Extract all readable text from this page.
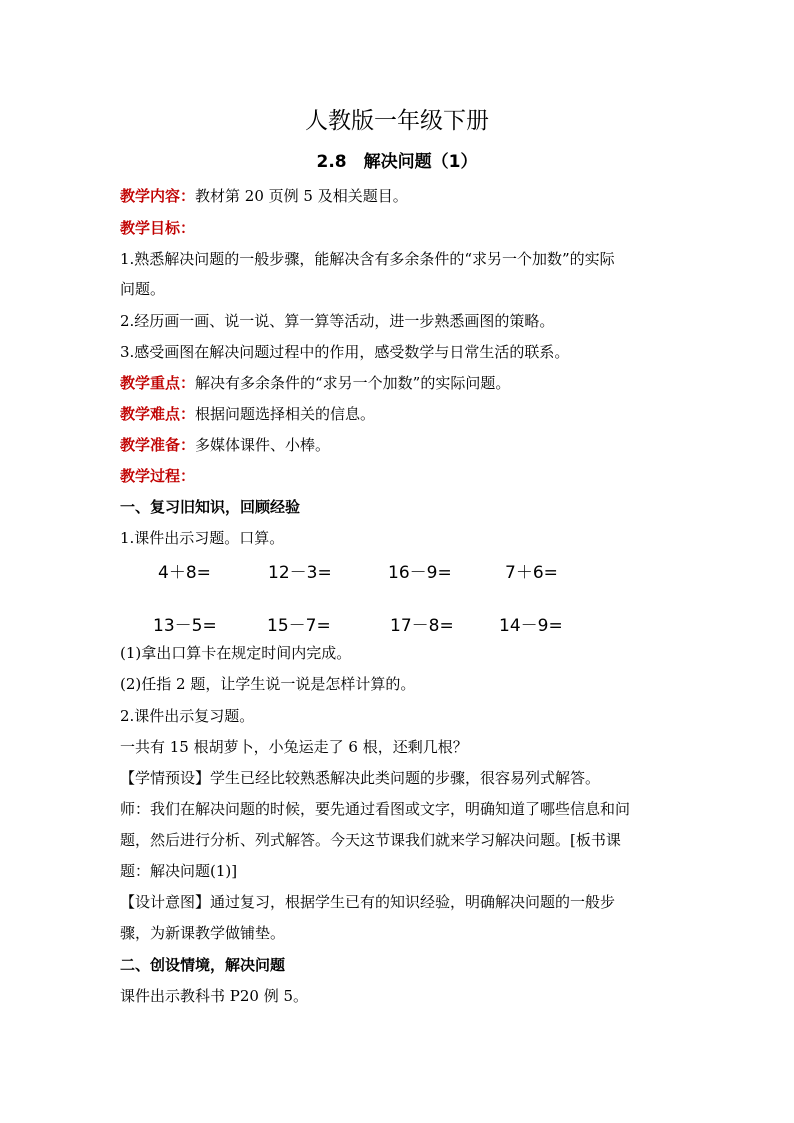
人教版一年级下册
2.8　解决问题（1）
教学内容：教材第 20 页例 5 及相关题目。
教学目标：
1.熟悉解决问题的一般步骤，能解决含有多余条件的“求另一个加数”的实际
问题。
2.经历画一画、说一说、算一算等活动，进一步熟悉画图的策略。
3.感受画图在解决问题过程中的作用，感受数学与日常生活的联系。
教学重点：解决有多余条件的“求另一个加数”的实际问题。
教学难点：根据问题选择相关的信息。
教学准备：多媒体课件、小棒。
教学过程：
一、复习旧知识，回顾经验
1.课件出示习题。口算。
4＋8=	12－3=	16－9=	7＋6=
13－5=	15－7=	17－8=	14－9=
(1)拿出口算卡在规定时间内完成。
(2)任指 2 题，让学生说一说是怎样计算的。
2.课件出示复习题。
一共有 15 根胡萝卜，小兔运走了 6 根，还剩几根？
【学情预设】学生已经比较熟悉解决此类问题的步骤，很容易列式解答。
师：我们在解决问题的时候，要先通过看图或文字，明确知道了哪些信息和问
题，然后进行分析、列式解答。今天这节课我们就来学习解决问题。[板书课
题：解决问题(1)]
【设计意图】通过复习，根据学生已有的知识经验，明确解决问题的一般步
骤，为新课教学做铺垫。
二、创设情境，解决问题
课件出示教科书 P20 例 5。
